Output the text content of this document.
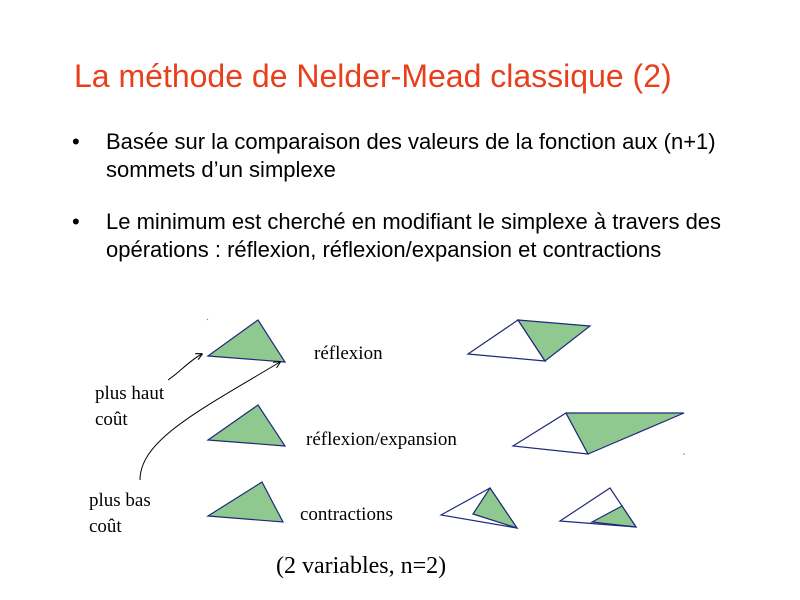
La méthode de Nelder-Mead classique (2)
• Basée sur la comparaison des valeurs de la fonction aux (n+1) sommets d’un simplexe
• Le minimum est cherché en modifiant le simplexe à travers des opérations : réflexion, réflexion/expansion et contractions
réflexion
réflexion/expansion
contractions
plus haut
coût
plus bas
coût
(2 variables, n=2)
